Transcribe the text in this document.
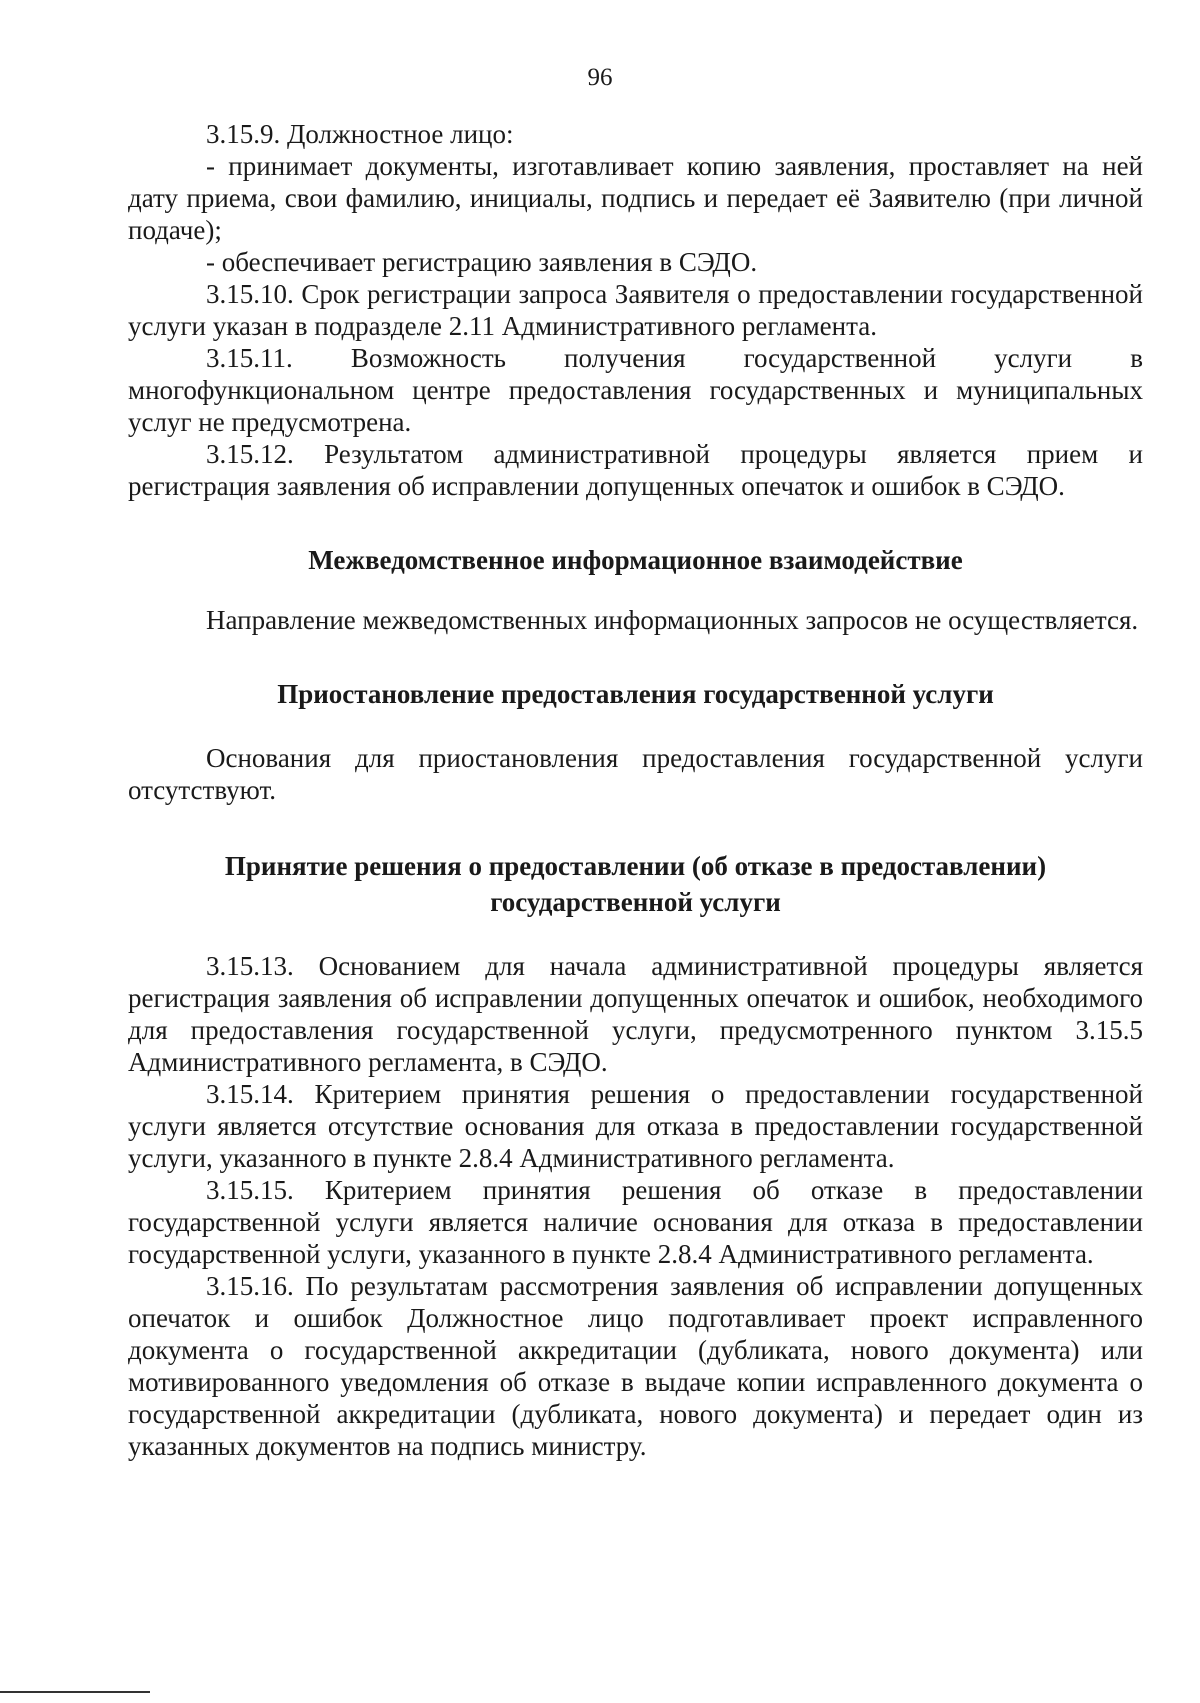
96

3.15.9. Должностное лицо:

- принимает документы, изготавливает копию заявления, проставляет на ней дату приема, свои фамилию, инициалы, подпись и передает её Заявителю (при личной подаче);

- обеспечивает регистрацию заявления в СЭДО.

3.15.10. Срок регистрации запроса Заявителя о предоставлении государственной услуги указан в подразделе 2.11 Административного регламента.

3.15.11. Возможность получения государственной услуги в многофункциональном центре предоставления государственных и муниципальных услуг не предусмотрена.

3.15.12. Результатом административной процедуры является прием и регистрация заявления об исправлении допущенных опечаток и ошибок в СЭДО.

Межведомственное информационное взаимодействие

Направление межведомственных информационных запросов не осуществляется.

Приостановление предоставления государственной услуги

Основания для приостановления предоставления государственной услуги отсутствуют.

Принятие решения о предоставлении (об отказе в предоставлении)
государственной услуги

3.15.13. Основанием для начала административной процедуры является регистрация заявления об исправлении допущенных опечаток и ошибок, необходимого для предоставления государственной услуги, предусмотренного пунктом 3.15.5 Административного регламента, в СЭДО.

3.15.14. Критерием принятия решения о предоставлении государственной услуги является отсутствие основания для отказа в предоставлении государственной услуги, указанного в пункте 2.8.4 Административного регламента.

3.15.15. Критерием принятия решения об отказе в предоставлении государственной услуги является наличие основания для отказа в предоставлении государственной услуги, указанного в пункте 2.8.4 Административного регламента.

3.15.16. По результатам рассмотрения заявления об исправлении допущенных опечаток и ошибок Должностное лицо подготавливает проект исправленного документа о государственной аккредитации (дубликата, нового документа) или мотивированного уведомления об отказе в выдаче копии исправленного документа о государственной аккредитации (дубликата, нового документа) и передает один из указанных документов на подпись министру.
